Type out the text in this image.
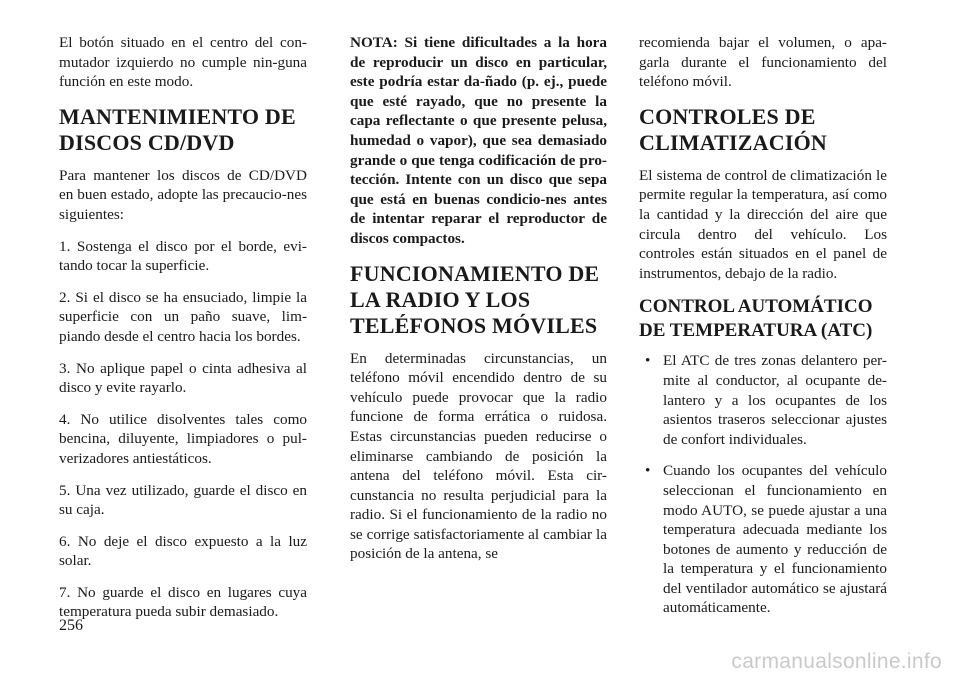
El botón situado en el centro del con-mutador izquierdo no cumple nin-guna función en este modo.

MANTENIMIENTO DE DISCOS CD/DVD

Para mantener los discos de CD/DVD en buen estado, adopte las precaucio-nes siguientes:

1. Sostenga el disco por el borde, evi-tando tocar la superficie.

2. Si el disco se ha ensuciado, limpie la superficie con un paño suave, lim-piando desde el centro hacia los bordes.

3. No aplique papel o cinta adhesiva al disco y evite rayarlo.

4. No utilice disolventes tales como bencina, diluyente, limpiadores o pul-verizadores antiestáticos.

5. Una vez utilizado, guarde el disco en su caja.

6. No deje el disco expuesto a la luz solar.

7. No guarde el disco en lugares cuya temperatura pueda subir demasiado.

NOTA: Si tiene dificultades a la hora de reproducir un disco en particular, este podría estar da-ñado (p. ej., puede que esté rayado, que no presente la capa reflectante o que presente pelusa, humedad o vapor), que sea demasiado grande o que tenga codificación de pro-tección. Intente con un disco que sepa que está en buenas condicio-nes antes de intentar reparar el reproductor de discos compactos.

FUNCIONAMIENTO DE LA RADIO Y LOS TELÉFONOS MÓVILES

En determinadas circunstancias, un teléfono móvil encendido dentro de su vehículo puede provocar que la radio funcione de forma errática o ruidosa. Estas circunstancias pueden reducirse o eliminarse cambiando de posición la antena del teléfono móvil. Esta cir-cunstancia no resulta perjudicial para la radio. Si el funcionamiento de la radio no se corrige satisfactoriamente al cambiar la posición de la antena, se

recomienda bajar el volumen, o apa-garla durante el funcionamiento del teléfono móvil.

CONTROLES DE CLIMATIZACIÓN

El sistema de control de climatización le permite regular la temperatura, así como la cantidad y la dirección del aire que circula dentro del vehículo. Los controles están situados en el panel de instrumentos, debajo de la radio.

CONTROL AUTOMÁTICO DE TEMPERATURA (ATC)
• El ATC de tres zonas delantero per-mite al conductor, al ocupante de-lantero y a los ocupantes de los asientos traseros seleccionar ajustes de confort individuales.
• Cuando los ocupantes del vehículo seleccionan el funcionamiento en modo AUTO, se puede ajustar a una temperatura adecuada mediante los botones de aumento y reducción de la temperatura y el funcionamiento del ventilador automático se ajustará automáticamente.
256
carmanualsonline.info
